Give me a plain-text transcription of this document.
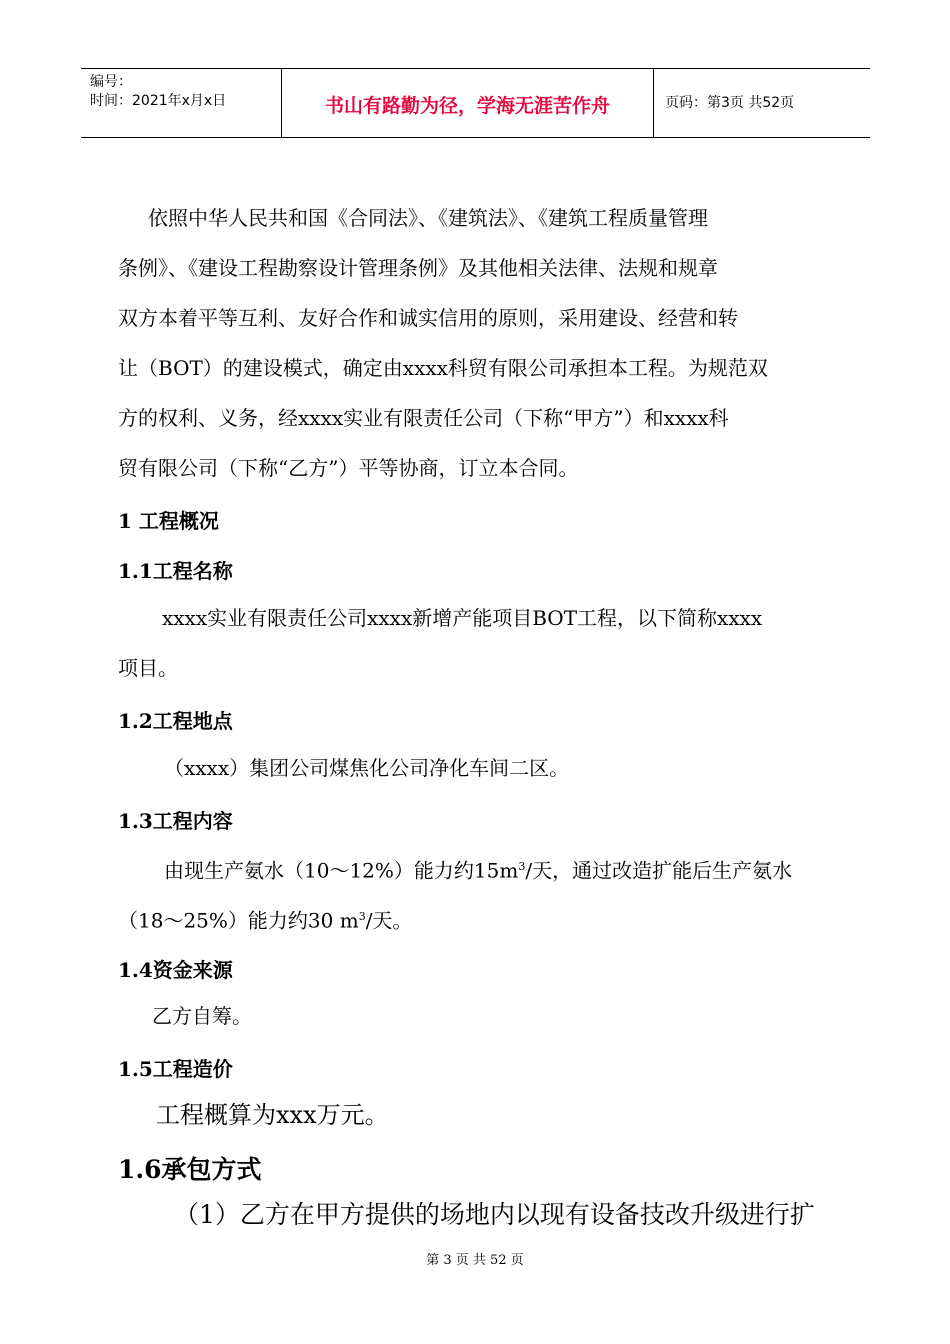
编号：
时间：2021年x月x日	书山有路勤为径，学海无涯苦作舟	页码：第3页 共52页
依照中华人民共和国《合同法》、《建筑法》、《建筑工程质量管理
条例》、《建设工程勘察设计管理条例》及其他相关法律、法规和规章
双方本着平等互利、友好合作和诚实信用的原则，采用建设、经营和转
让（BOT）的建设模式，确定由xxxx科贸有限公司承担本工程。为规范双
方的权利、义务，经xxxx实业有限责任公司（下称“甲方”）和xxxx科
贸有限公司（下称“乙方”）平等协商，订立本合同。
1 工程概况
1.1工程名称
xxxx实业有限责任公司xxxx新增产能项目BOT工程，以下简称xxxx
项目。
1.2工程地点
（xxxx）集团公司煤焦化公司净化车间二区。
1.3工程内容
由现生产氨水（10～12%）能力约$15m^3/$天，通过改造扩能后生产氨水
（18～25%）能力约30 $m^3/$天。
1.4资金来源
乙方自筹。
1.5工程造价
工程概算为xxx万元。
1.6承包方式
（1）乙方在甲方提供的场地内以现有设备技改升级进行扩
第 3 页 共 52 页
